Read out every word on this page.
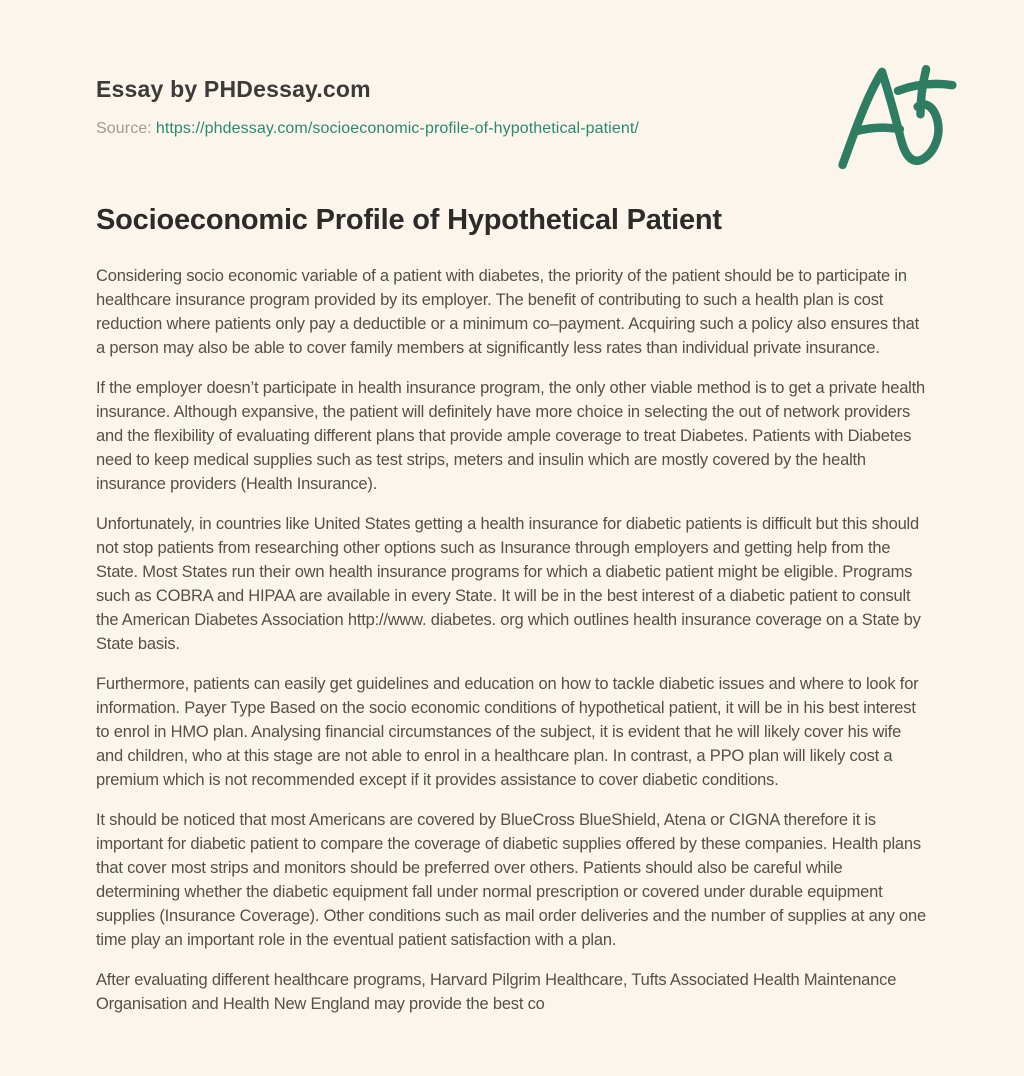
Essay by PHDessay.com
Source: https://phdessay.com/socioeconomic-profile-of-hypothetical-patient/
Socioeconomic Profile of Hypothetical Patient

Considering socio economic variable of a patient with diabetes, the priority of the patient should be to participate in healthcare insurance program provided by its employer. The benefit of contributing to such a health plan is cost reduction where patients only pay a deductible or a minimum co–payment. Acquiring such a policy also ensures that a person may also be able to cover family members at significantly less rates than individual private insurance.

If the employer doesn’t participate in health insurance program, the only other viable method is to get a private health insurance. Although expansive, the patient will definitely have more choice in selecting the out of network providers and the flexibility of evaluating different plans that provide ample coverage to treat Diabetes. Patients with Diabetes need to keep medical supplies such as test strips, meters and insulin which are mostly covered by the health insurance providers (Health Insurance).

Unfortunately, in countries like United States getting a health insurance for diabetic patients is difficult but this should not stop patients from researching other options such as Insurance through employers and getting help from the State. Most States run their own health insurance programs for which a diabetic patient might be eligible. Programs such as COBRA and HIPAA are available in every State. It will be in the best interest of a diabetic patient to consult the American Diabetes Association http://www. diabetes. org which outlines health insurance coverage on a State by State basis.

Furthermore, patients can easily get guidelines and education on how to tackle diabetic issues and where to look for information. Payer Type Based on the socio economic conditions of hypothetical patient, it will be in his best interest to enrol in HMO plan. Analysing financial circumstances of the subject, it is evident that he will likely cover his wife and children, who at this stage are not able to enrol in a healthcare plan. In contrast, a PPO plan will likely cost a premium which is not recommended except if it provides assistance to cover diabetic conditions.

It should be noticed that most Americans are covered by BlueCross BlueShield, Atena or CIGNA therefore it is important for diabetic patient to compare the coverage of diabetic supplies offered by these companies. Health plans that cover most strips and monitors should be preferred over others. Patients should also be careful while determining whether the diabetic equipment fall under normal prescription or covered under durable equipment supplies (Insurance Coverage). Other conditions such as mail order deliveries and the number of supplies at any one time play an important role in the eventual patient satisfaction with a plan.

After evaluating different healthcare programs, Harvard Pilgrim Healthcare, Tufts Associated Health Maintenance Organisation and Health New England may provide the best co
